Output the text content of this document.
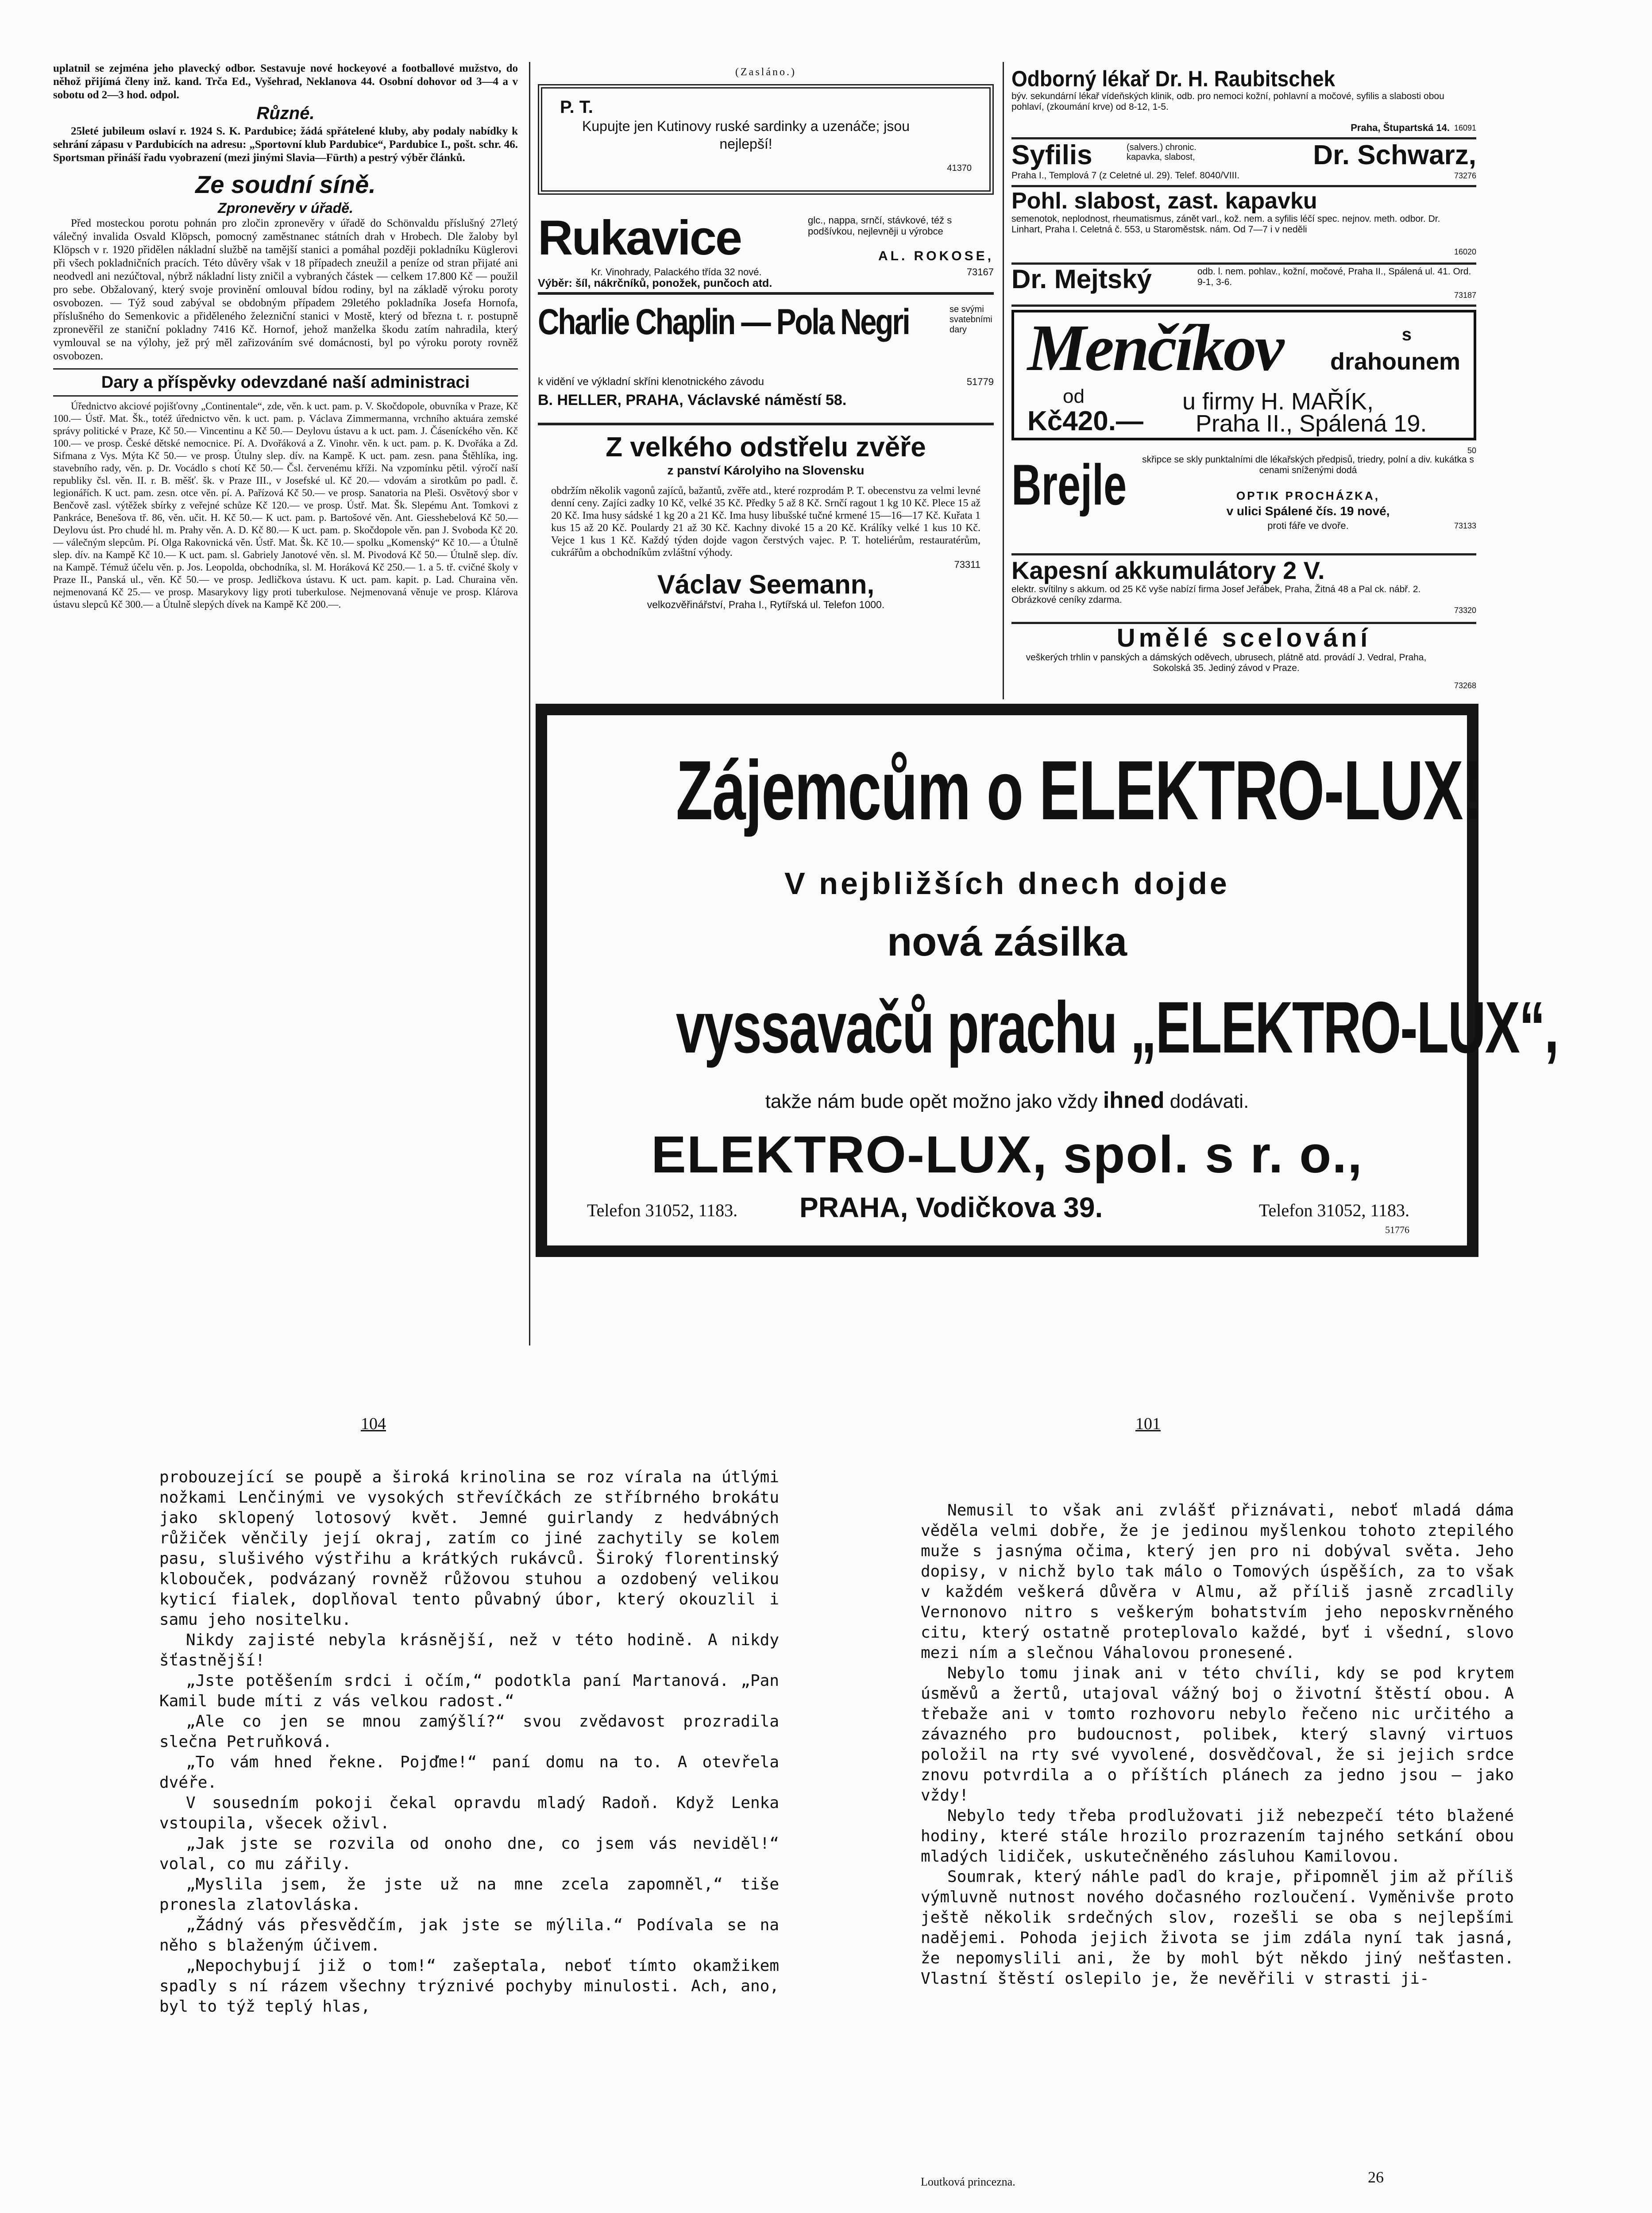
uplatnil se zejména jeho plavecký odbor. Sestavuje nové hockeyové a footballové mužstvo, do něhož přijímá členy inž. kand. Trča Ed., Vyšehrad, Neklanova 44. Osobní dohovor od 3—4 a v sobotu od 2—3 hod. odpol.

Různé.

25leté jubileum oslaví r. 1924 S. K. Pardubice; žádá spřátelené kluby, aby podaly nabídky k sehrání zápasu v Pardubicích na adresu: „Sportovní klub Pardubice“, Pardubice I., pošt. schr. 46. Sportsman přináší řadu vyobrazení (mezi jinými Slavia—Fürth) a pestrý výběr článků.

Ze soudní síně.
Zpronevěry v úřadě.

Před mosteckou porotu pohnán pro zločin zpronevěry v úřadě do Schönvaldu příslušný 27letý válečný invalida Osvald Klöpsch, pomocný zaměstnanec státních drah v Hrobech. Dle žaloby byl Klöpsch v r. 1920 přidělen nákladní službě na tamější stanici a pomáhal později pokladníku Küglerovi při všech pokladničních pracích. Této důvěry však v 18 případech zneužil a peníze od stran přijaté ani neodvedl ani nezúčtoval, nýbrž nákladní listy zničil a vybraných částek — celkem 17.800 Kč — použil pro sebe. Obžalovaný, který svoje provinění omlouval bídou rodiny, byl na základě výroku poroty osvobozen. — Týž soud zabýval se obdobným případem 29letého pokladníka Josefa Hornofa, příslušného do Semenkovic a přiděleného železniční stanici v Mostě, který od března t. r. postupně zpronevěřil ze staniční pokladny 7416 Kč. Hornof, jehož manželka škodu zatím nahradila, který vymlouval se na výlohy, jež prý měl zařizováním své domácnosti, byl po výroku poroty rovněž osvobozen.

Dary a příspěvky odevzdané naší administraci

Úřednictvo akciové pojišťovny „Continentale“, zde, věn. k uct. pam. p. V. Skočdopole, obuvníka v Praze, Kč 100.— Ústř. Mat. Šk., totéž úřednictvo věn. k uct. pam. p. Václava Zimmermanna, vrchního aktuára zemské správy politické v Praze, Kč 50.— Vincentinu a Kč 50.— Deylovu ústavu a k uct. pam. J. Čáseníckého věn. Kč 100.— ve prosp. České dětské nemocnice. Pí. A. Dvořáková a Z. Vinohr. věn. k uct. pam. p. K. Dvořáka a Zd. Sifmana z Vys. Mýta Kč 50.— ve prosp. Útulny slep. dív. na Kampě. K uct. pam. zesn. pana Štěhlíka, ing. stavebního rady, věn. p. Dr. Vocádlo s chotí Kč 50.— Čsl. červenému kříži. Na vzpomínku pětil. výročí naší republiky čsl. věn. II. r. B. měšť. šk. v Praze III., v Josefské ul. Kč 20.— vdovám a sirotkům po padl. č. legionářích. K uct. pam. zesn. otce věn. pí. A. Pařízová Kč 50.— ve prosp. Sanatoria na Pleši. Osvětový sbor v Benčově zasl. výtěžek sbírky z veřejné schůze Kč 120.— ve prosp. Ústř. Mat. Šk. Slepému Ant. Tomkovi z Pankráce, Benešova tř. 86, věn. učit. H. Kč 50.— K uct. pam. p. Bartošové věn. Ant. Giesshebelová Kč 50.— Deylovu úst. Pro chudé hl. m. Prahy věn. A. D. Kč 80.— K uct. pam. p. Skočdopole věn. pan J. Svoboda Kč 20.— válečným slepcům. Pí. Olga Rakovnická věn. Ústř. Mat. Šk. Kč 10.— spolku „Komenský“ Kč 10.— a Útulně slep. dív. na Kampě Kč 10.— K uct. pam. sl. Gabriely Janotové věn. sl. M. Pivodová Kč 50.— Útulně slep. dív. na Kampě. Témuž účelu věn. p. Jos. Leopolda, obchodníka, sl. M. Horáková Kč 250.— 1. a 5. tř. cvičné školy v Praze II., Panská ul., věn. Kč 50.— ve prosp. Jedličkova ústavu. K uct. pam. kapit. p. Lad. Churaina věn. nejmenovaná Kč 25.— ve prosp. Masarykovy ligy proti tuberkulose. Nejmenovaná věnuje ve prosp. Klárova ústavu slepců Kč 300.— a Útulně slepých dívek na Kampě Kč 200.—.

(Zasláno.)
P. T.
Kupujte jen Kutinovy ruské sardinky a uzenáče; jsou nejlepší!
41370
Rukavice	glc., nappa, srnčí, stávkové, též s podšívkou, nejlevněji u výrobce
AL. ROKOSE,
Kr. Vinohrady, Palackého třída 32 nové.	73167
Výběr: šíl, nákrčníků, ponožek, punčoch atd.
Charlie Chaplin — Pola Negri	se svými svatebními dary
k vidění ve výkladní skříni klenotnického závodu	51779
B. HELLER, PRAHA, Václavské náměstí 58.
Z velkého odstřelu zvěře
z panství Károlyiho na Slovensku
obdržím několik vagonů zajíců, bažantů, zvěře atd., které rozprodám P. T. obecenstvu za velmi levné denní ceny. Zajíci zadky 10 Kč, velké 35 Kč. Předky 5 až 8 Kč. Srnčí ragout 1 kg 10 Kč. Plece 15 až 20 Kč. Ima husy sádské 1 kg 20 a 21 Kč. Ima husy libušské tučné krmené 15—16—17 Kč. Kuřata 1 kus 15 až 20 Kč. Poulardy 21 až 30 Kč. Kachny divoké 15 a 20 Kč. Králíky velké 1 kus 10 Kč. Vejce 1 kus 1 Kč. Každý týden dojde vagon čerstvých vajec. P. T. hoteliérům, restauratérům, cukrářům a obchodníkům zvláštní výhody.
73311
Václav Seemann,
velkozvěřinářství, Praha I., Rytířská ul. Telefon 1000.
Odborný lékař Dr. H. Raubitschek
býv. sekundární lékař vídeňských klinik, odb. pro nemoci kožní, pohlavní a močové, syfilis a slabosti obou pohlaví, (zkoumání krve) od 8-12, 1-5.
Praha, Štupartská 14. 16091
Syfilis	(salvers.) chronic. kapavka, slabost,	Dr. Schwarz,
Praha I., Templová 7 (z Celetné ul. 29). Telef. 8040/VIII.	73276
Pohl. slabost, zast. kapavku
semenotok, neplodnost, rheumatismus, zánět varl., kož. nem. a syfilis léčí spec. nejnov. meth. odbor. Dr. Linhart, Praha I. Celetná č. 553, u Staroměstsk. nám. Od 7—7 i v neděli
16020
Dr. Mejtský	odb. l. nem. pohlav., kožní, močové, Praha II., Spálená ul. 41. Ord. 9-1, 3-6.
73187
Menčíkov	s
drahounem
od
Kč420.—
u firmy H. MAŘÍK,
Praha II., Spálená 19.
50
Brejle skřipce se skly punktalními dle lékařských předpisů, triedry, polní a div. kukátka s cenami sníženými dodá
OPTIK PROCHÁZKA,
v ulici Spálené čís. 19 nové,
proti fáře ve dvoře.	73133
Kapesní akkumulátory 2 V.
elektr. svítilny s akkum. od 25 Kč vyše nabízí firma Josef Jeřábek, Praha, Žitná 48 a Pal ck. nábř. 2. Obrázkové ceníky zdarma.
73320
Umělé scelování
veškerých trhlin v panských a dámských oděvech, ubrusech, plátně atd. provádí J. Vedral, Praha, Sokolská 35. Jediný závod v Praze.
73268
Zájemcům o ELEKTRO-LUX!
V nejbližších dnech dojde
nová zásilka
vyssavačů prachu „ELEKTRO-LUX“,
takže nám bude opět možno jako vždy ihned dodávati.
ELEKTRO-LUX, spol. s r. o.,
Telefon 31052, 1183. PRAHA, Vodičkova 39.	Telefon 31052, 1183.
51776
104	101

probouzející se poupě a široká krinolina se roz vírala na útlými nožkami Lenčinými ve vysokých střevíčkách ze stříbrného brokátu jako sklopený lotosový květ. Jemné guirlandy z hedvábných růžiček věnčily její okraj, zatím co jiné zachytily se kolem pasu, slušivého výstřihu a krátkých rukávců. Široký florentinský klobouček, podvázaný rovněž růžovou stuhou a ozdobený velikou kyticí fialek, doplňoval tento půvabný úbor, který okouzlil i samu jeho nositelku.

Nikdy zajisté nebyla krásnější, než v této hodině. A nikdy šťastnější!

„Jste potěšením srdci i očím,“ podotkla paní Martanová. „Pan Kamil bude míti z vás velkou radost.“

„Ale co jen se mnou zamýšlí?“ svou zvědavost prozradila slečna Petruňková.

„To vám hned řekne. Pojďme!“ paní domu na to. A otevřela dvéře.

V sousedním pokoji čekal opravdu mladý Radoň. Když Lenka vstoupila, všecek oživl.

„Jak jste se rozvila od onoho dne, co jsem vás neviděl!“ volal, co mu zářily.

„Myslila jsem, že jste už na mne zcela zapomněl,“ tiše pronesla zlatovláska.

„Žádný vás přesvědčím, jak jste se mýlila.“ Podívala se na něho s blaženým účivem.

„Nepochybují již o tom!“ zašeptala, neboť tímto okamžikem spadly s ní rázem všechny trýznivé pochyby minulosti. Ach, ano, byl to týž teplý hlas,

Nemusil to však ani zvlášť přiznávati, neboť mladá dáma věděla velmi dobře, že je jedinou myšlenkou tohoto ztepilého muže s jasnýma očima, který jen pro ni dobýval světa. Jeho dopisy, v nichž bylo tak málo o Tomových úspěších, za to však v každém veškerá důvěra v Almu, až příliš jasně zrcadlily Vernonovo nitro s veškerým bohatstvím jeho neposkvrněného citu, který ostatně proteplovalo každé, byť i všední, slovo mezi ním a slečnou Váhalovou pronesené.

Nebylo tomu jinak ani v této chvíli, kdy se pod krytem úsměvů a žertů, utajoval vážný boj o životní štěstí obou. A třebaže ani v tomto rozhovoru nebylo řečeno nic určitého a závazného pro budoucnost, polibek, který slavný virtuos položil na rty své vyvolené, dosvědčoval, že si jejich srdce znovu potvrdila a o příštích plánech za jedno jsou — jako vždy!

Nebylo tedy třeba prodlužovati již nebezpečí této blažené hodiny, které stále hrozilo prozrazením tajného setkání obou mladých lidiček, uskutečněného zásluhou Kamilovou.

Soumrak, který náhle padl do kraje, připomněl jim až příliš výmluvně nutnost nového dočasného rozloučení. Vyměnivše proto ještě několik srdečných slov, rozešli se oba s nejlepšími nadějemi. Pohoda jejich života se jim zdála nyní tak jasná, že nepomyslili ani, že by mohl být někdo jiný nešťasten. Vlastní štěstí oslepilo je, že nevěřili v strasti ji-

Loutková princezna.	26
